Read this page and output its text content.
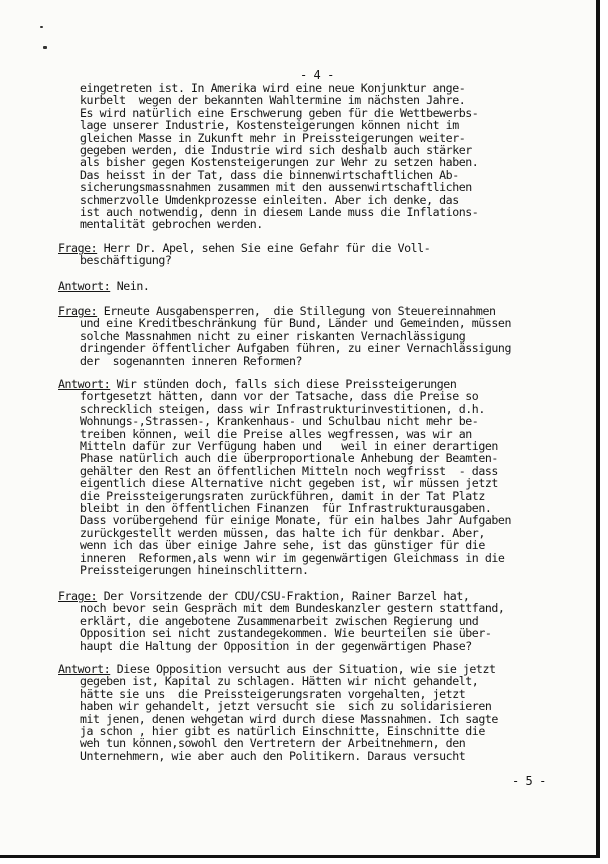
- 4 -
eingetreten ist. In Amerika wird eine neue Konjunktur ange-
kurbelt  wegen der bekannten Wahltermine im nächsten Jahre.
Es wird natürlich eine Erschwerung geben für die Wettbewerbs-
lage unserer Industrie, Kostensteigerungen können nicht im
gleichen Masse in Zukunft mehr in Preissteigerungen weiter-
gegeben werden, die Industrie wird sich deshalb auch stärker
als bisher gegen Kostensteigerungen zur Wehr zu setzen haben.
Das heisst in der Tat, dass die binnenwirtschaftlichen Ab-
sicherungsmassnahmen zusammen mit den aussenwirtschaftlichen
schmerzvolle Umdenkprozesse einleiten. Aber ich denke, das
ist auch notwendig, denn in diesem Lande muss die Inflations-
mentalität gebrochen werden.
Frage: Herr Dr. Apel, sehen Sie eine Gefahr für die Voll-
beschäftigung?
Antwort: Nein.
Frage: Erneute Ausgabensperren,  die Stillegung von Steuereinnahmen
und eine Kreditbeschränkung für Bund, Länder und Gemeinden, müssen
solche Massnahmen nicht zu einer riskanten Vernachlässigung
dringender öffentlicher Aufgaben führen, zu einer Vernachlässigung
der  sogenannten inneren Reformen?
Antwort: Wir stünden doch, falls sich diese Preissteigerungen
fortgesetzt hätten, dann vor der Tatsache, dass die Preise so
schrecklich steigen, dass wir Infrastrukturinvestitionen, d.h.
Wohnungs-,Strassen-, Krankenhaus- und Schulbau nicht mehr be-
treiben können, weil die Preise alles wegfressen, was wir an
Mitteln dafür zur Verfügung haben und   weil in einer derartigen
Phase natürlich auch die überproportionale Anhebung der Beamten-
gehälter den Rest an öffentlichen Mitteln noch wegfrisst  - dass
eigentlich diese Alternative nicht gegeben ist, wir müssen jetzt
die Preissteigerungsraten zurückführen, damit in der Tat Platz
bleibt in den öffentlichen Finanzen  für Infrastrukturausgaben.
Dass vorübergehend für einige Monate, für ein halbes Jahr Aufgaben
zurückgestellt werden müssen, das halte ich für denkbar. Aber,
wenn ich das über einige Jahre sehe, ist das günstiger für die
inneren  Reformen,als wenn wir im gegenwärtigen Gleichmass in die
Preissteigerungen hineinschlittern.
Frage: Der Vorsitzende der CDU/CSU-Fraktion, Rainer Barzel hat,
noch bevor sein Gespräch mit dem Bundeskanzler gestern stattfand,
erklärt, die angebotene Zusammenarbeit zwischen Regierung und
Opposition sei nicht zustandegekommen. Wie beurteilen sie über-
haupt die Haltung der Opposition in der gegenwärtigen Phase?
Antwort: Diese Opposition versucht aus der Situation, wie sie jetzt
gegeben ist, Kapital zu schlagen. Hätten wir nicht gehandelt,
hätte sie uns  die Preissteigerungsraten vorgehalten, jetzt
haben wir gehandelt, jetzt versucht sie  sich zu solidarisieren
mit jenen, denen wehgetan wird durch diese Massnahmen. Ich sagte
ja schon , hier gibt es natürlich Einschnitte, Einschnitte die
weh tun können,sowohl den Vertretern der Arbeitnehmern, den
Unternehmern, wie aber auch den Politikern. Daraus versucht
- 5 -
